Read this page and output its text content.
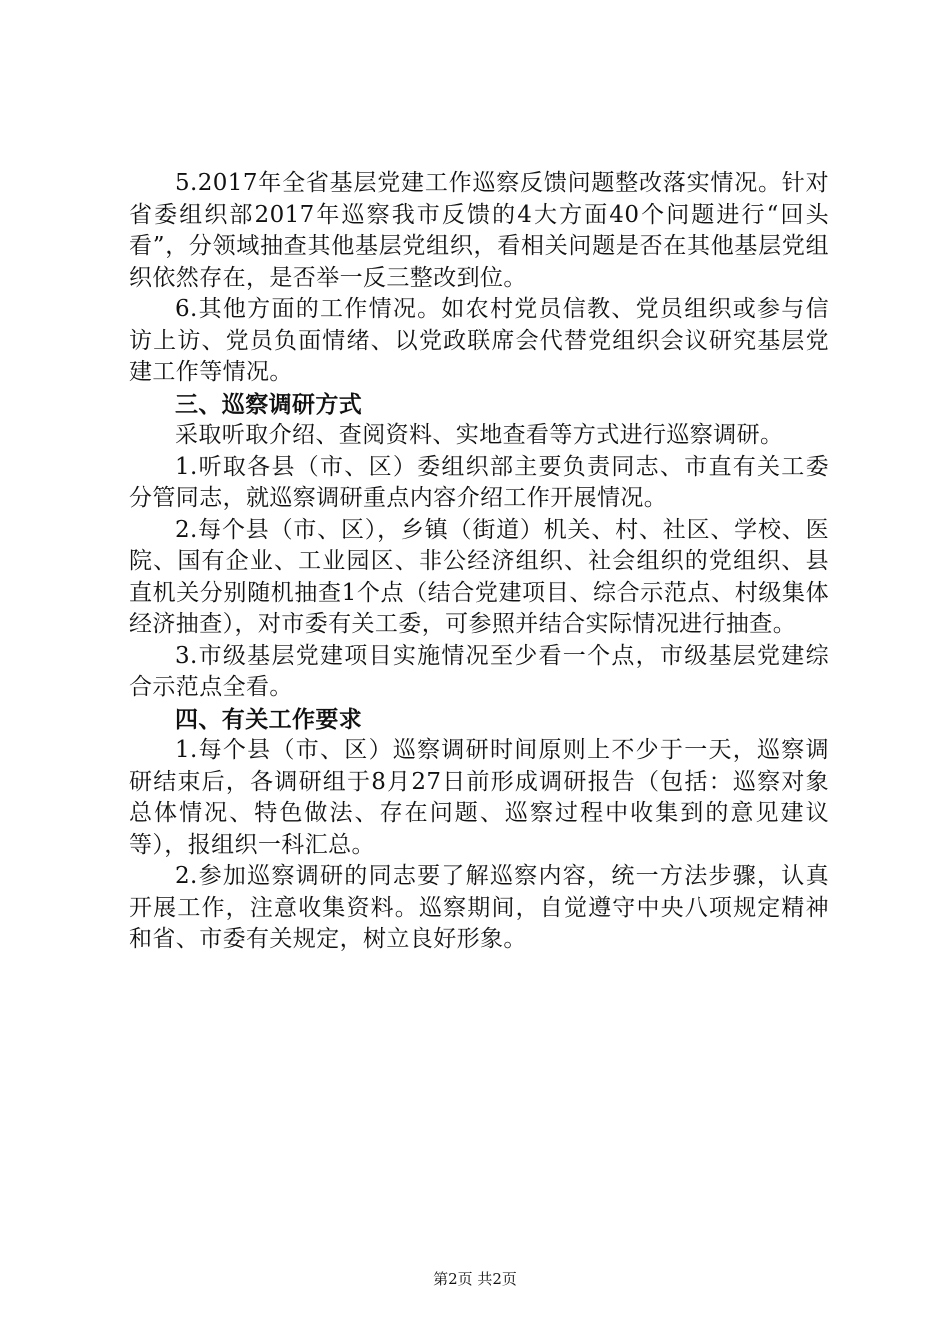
5.2017年全省基层党建工作巡察反馈问题整改落实情况。针对省委组织部2017年巡察我市反馈的4大方面40个问题进行“回头看”，分领域抽查其他基层党组织，看相关问题是否在其他基层党组织依然存在，是否举一反三整改到位。

6.其他方面的工作情况。如农村党员信教、党员组织或参与信访上访、党员负面情绪、以党政联席会代替党组织会议研究基层党建工作等情况。

三、巡察调研方式

采取听取介绍、查阅资料、实地查看等方式进行巡察调研。

1.听取各县（市、区）委组织部主要负责同志、市直有关工委分管同志，就巡察调研重点内容介绍工作开展情况。

2.每个县（市、区），乡镇（街道）机关、村、社区、学校、医院、国有企业、工业园区、非公经济组织、社会组织的党组织、县直机关分别随机抽查1个点（结合党建项目、综合示范点、村级集体经济抽查），对市委有关工委，可参照并结合实际情况进行抽查。

3.市级基层党建项目实施情况至少看一个点，市级基层党建综合示范点全看。

四、有关工作要求

1.每个县（市、区）巡察调研时间原则上不少于一天，巡察调研结束后，各调研组于8月27日前形成调研报告（包括：巡察对象总体情况、特色做法、存在问题、巡察过程中收集到的意见建议等），报组织一科汇总。

2.参加巡察调研的同志要了解巡察内容，统一方法步骤，认真开展工作，注意收集资料。巡察期间，自觉遵守中央八项规定精神和省、市委有关规定，树立良好形象。

第2页 共2页
